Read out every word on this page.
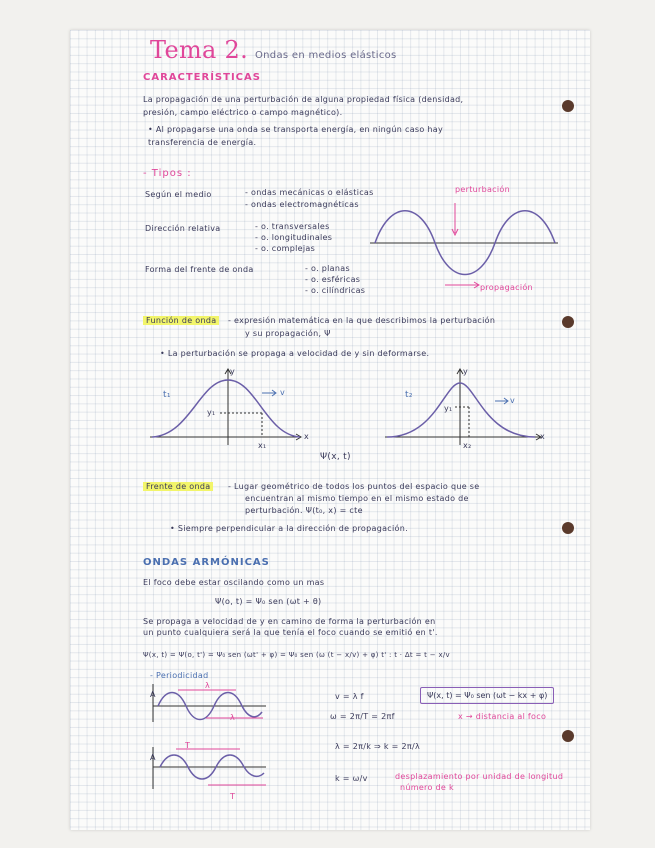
Tema 2. Ondas en medios elásticos
CARACTERÍSTICAS
La propagación de una perturbación de alguna propiedad física (densidad,
presión, campo eléctrico o campo magnético).
• Al propagarse una onda se transporta energía, en ningún caso hay
transferencia de energía.
- Tipos :
Según el medio	- ondas mecánicas o elásticas
- ondas electromagnéticas
Dirección relativa	- o. transversales
- o. longitudinales
- o. complejas
Forma del frente de onda	- o. planas
- o. esféricas
- o. cilíndricas
perturbación
propagación
Función de onda	- expresión matemática en la que describimos la perturbación
y su propagación, Ψ
• La perturbación se propaga a velocidad de y sin deformarse.
t₁
y
x
y₁
x₁
v	t₂
y
x
y₁
x₂
v
Ψ(x, t)
Frente de onda	- Lugar geométrico de todos los puntos del espacio que se
encuentran al mismo tiempo en el mismo estado de
perturbación. Ψ(t₀, x) = cte
• Siempre perpendicular a la dirección de propagación.
ONDAS ARMÓNICAS
El foco debe estar oscilando como un mas
Ψ(o, t) = Ψ₀ sen (ωt + θ)
Se propaga a velocidad de y en camino de forma la perturbación en
un punto cualquiera será la que tenía el foco cuando se emitió en t'.
Ψ(x, t) = Ψ(o, t') = Ψ₀ sen (ωt' + φ) = Ψ₀ sen (ω (t − x/v) + φ) t' : t · Δt = t − x/v
- Periodicidad
A
λ
λ
A
T
T
Ψ(x, t) = Ψ₀ sen (ωt − kx + φ)
x → distancia al foco
v = λ f
ω = 2π/T = 2πf
λ = 2π/k ⇒ k = 2π/λ
k = ω/v	desplazamiento por unidad de longitud
número de k
